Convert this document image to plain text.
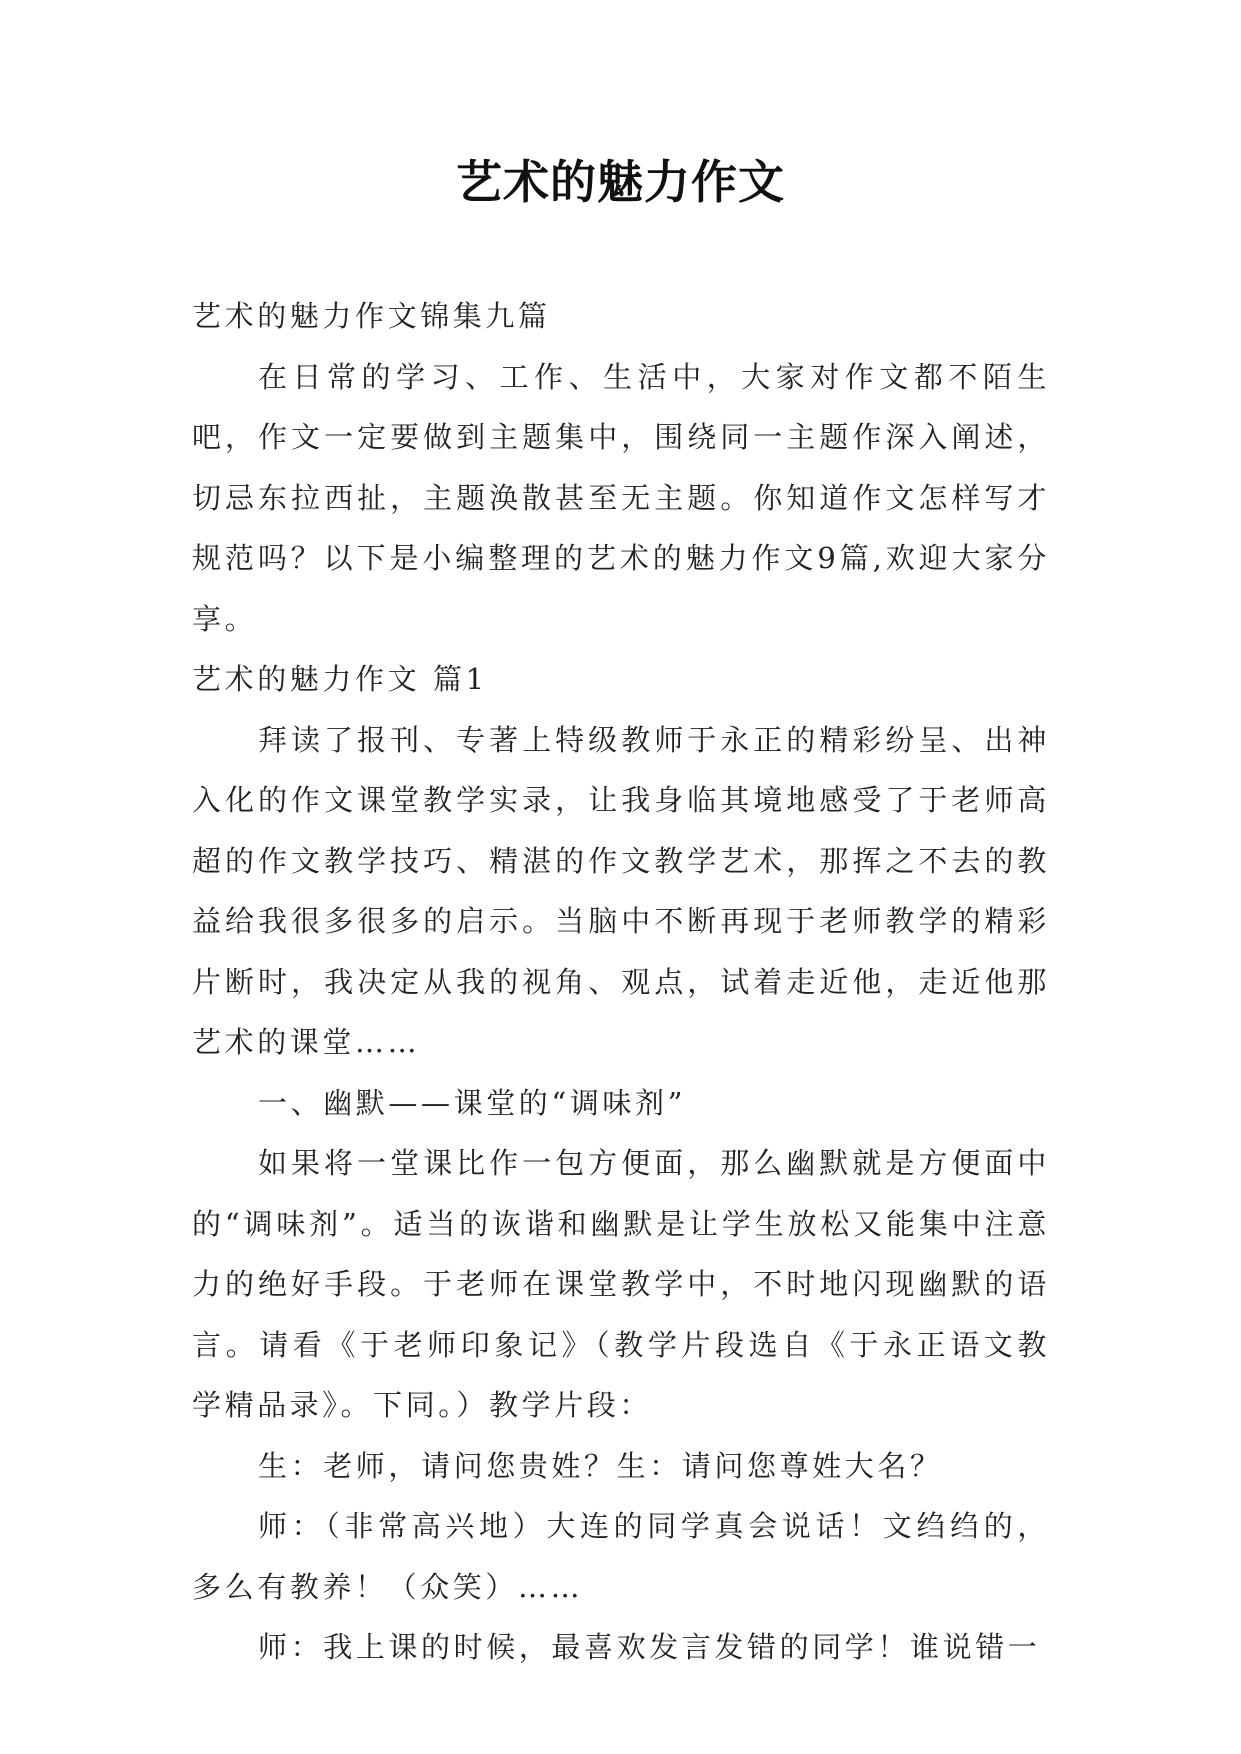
艺术的魅力作文

艺术的魅力作文锦集九篇

在日常的学习、工作、生活中，大家对作文都不陌生吧，作文一定要做到主题集中，围绕同一主题作深入阐述，切忌东拉西扯，主题涣散甚至无主题。你知道作文怎样写才规范吗？以下是小编整理的艺术的魅力作文9篇,欢迎大家分享。

艺术的魅力作文 篇1

拜读了报刊、专著上特级教师于永正的精彩纷呈、出神入化的作文课堂教学实录，让我身临其境地感受了于老师高超的作文教学技巧、精湛的作文教学艺术，那挥之不去的教益给我很多很多的启示。当脑中不断再现于老师教学的精彩片断时，我决定从我的视角、观点，试着走近他，走近他那艺术的课堂……

一、幽默——课堂的“调味剂”

如果将一堂课比作一包方便面，那么幽默就是方便面中的“调味剂”。适当的诙谐和幽默是让学生放松又能集中注意力的绝好手段。于老师在课堂教学中，不时地闪现幽默的语言。请看《于老师印象记》（教学片段选自《于永正语文教学精品录》。下同。）教学片段：

生：老师，请问您贵姓？生：请问您尊姓大名？

师：（非常高兴地）大连的同学真会说话！文绉绉的，多么有教养！（众笑）……

师：我上课的时候，最喜欢发言发错的同学！谁说错一
